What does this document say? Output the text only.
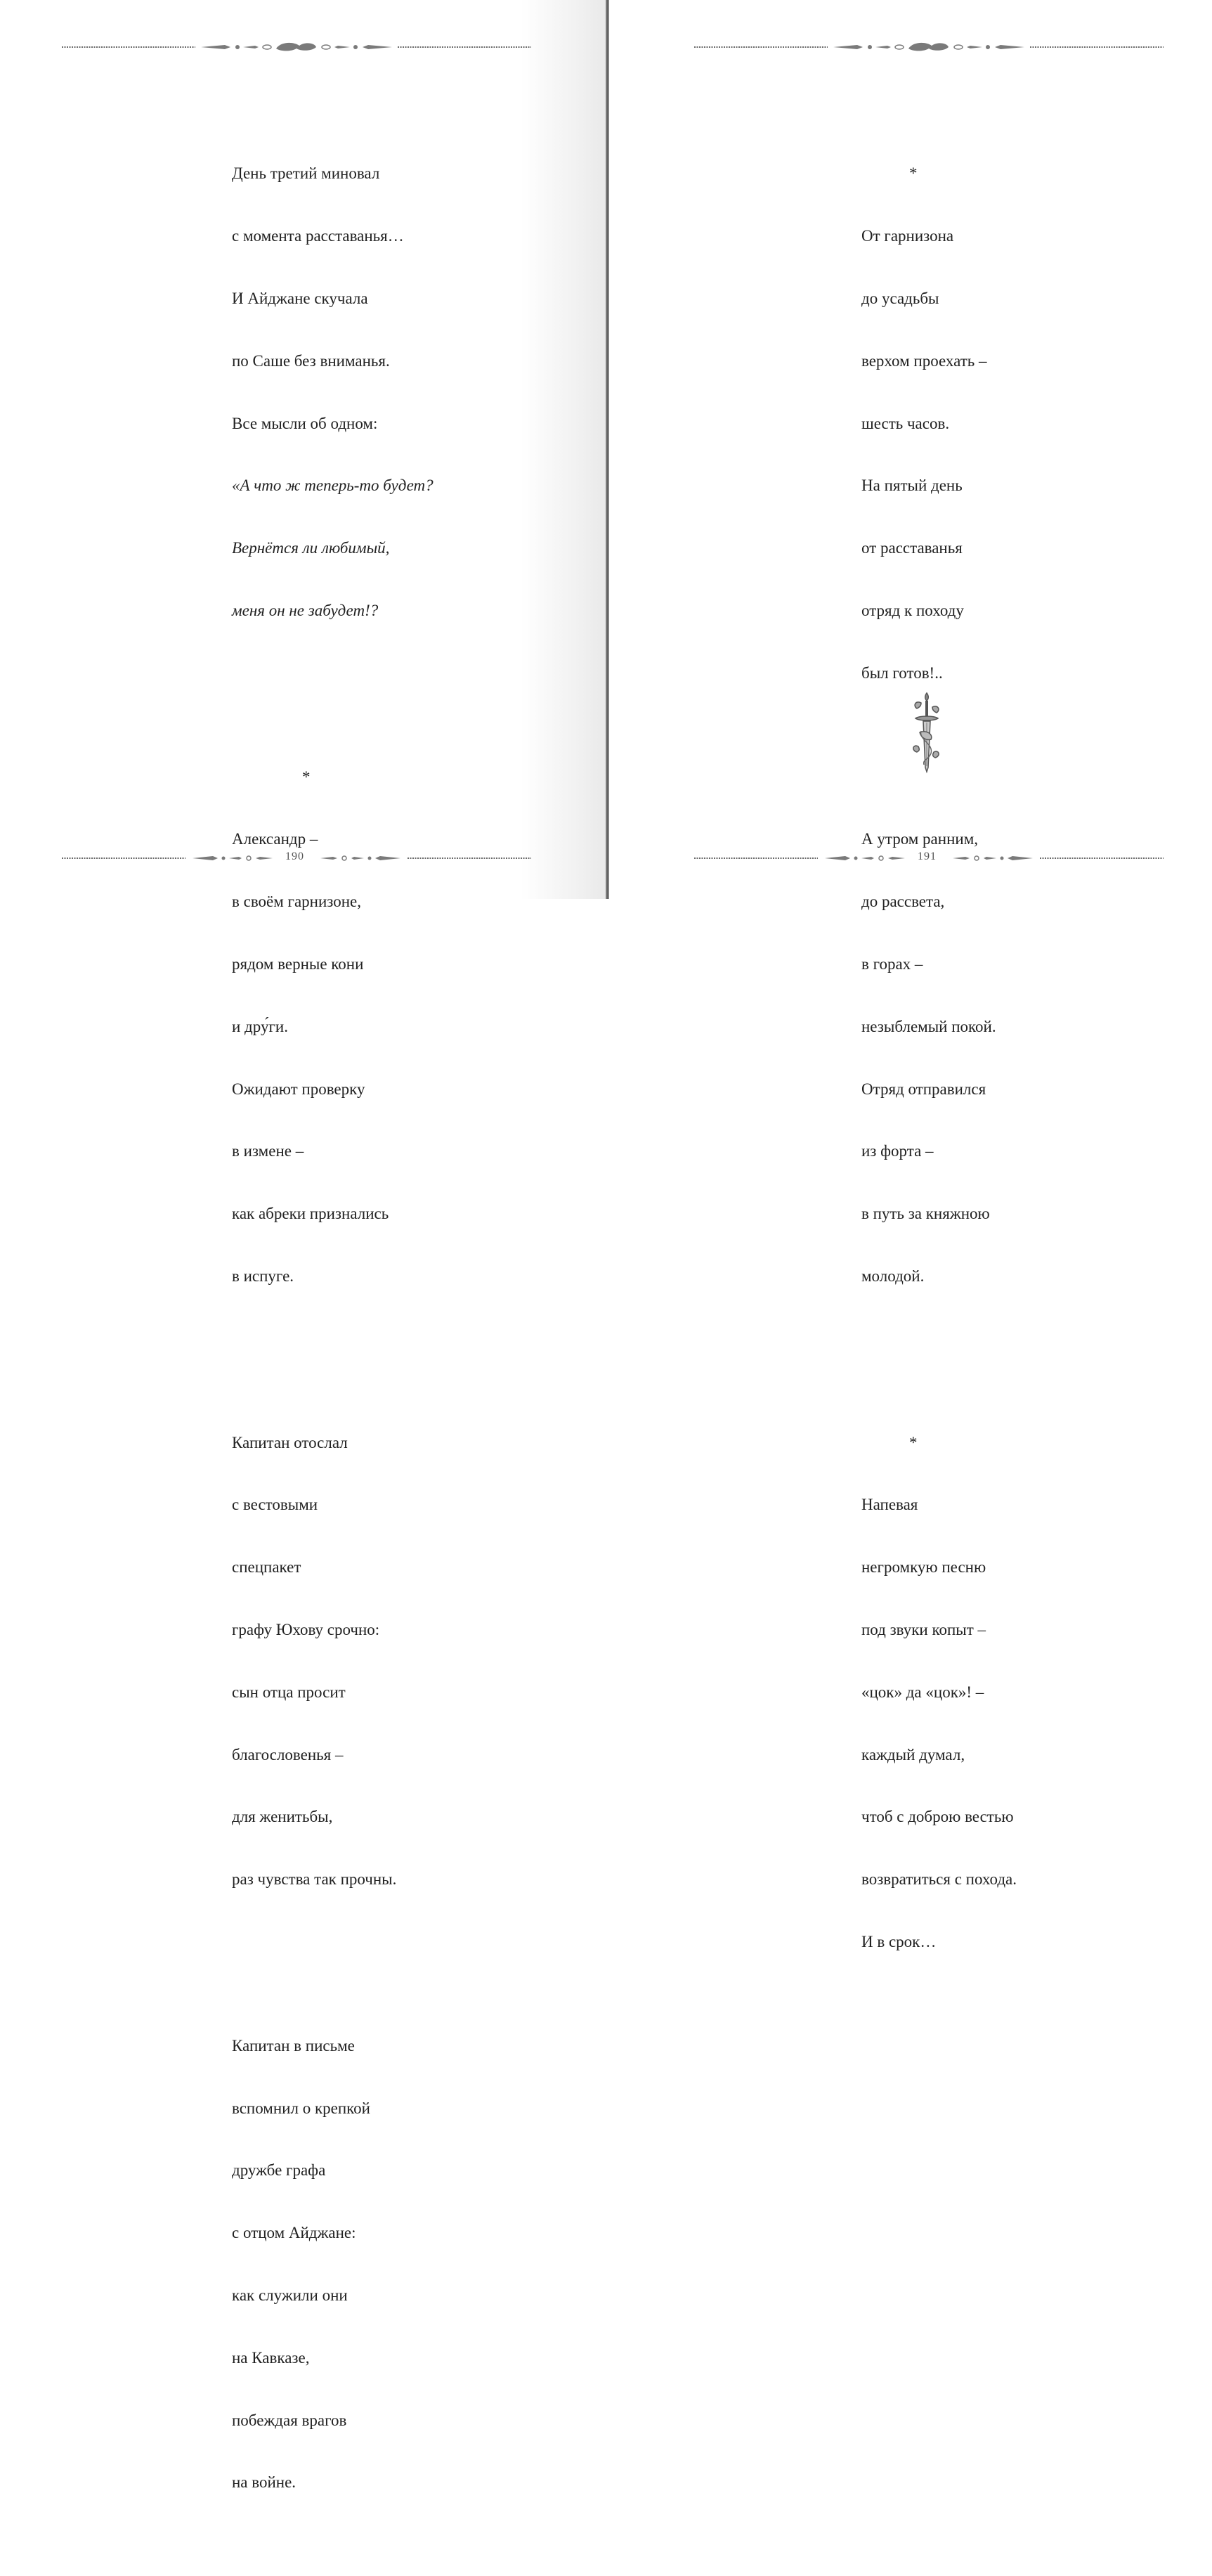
День третий миновал

с момента расставанья…

И Айджане скучала

по Саше без вниманья.

Все мысли об одном:

«А что ж теперь-то будет?

Вернётся ли любимый,

меня он не забудет!?

*

Александр –

в своём гарнизоне,

рядом верные кони

и дру́ги.

Ожидают проверку

в измене –

как абреки признались

в испуге.

Капитан отослал

с вестовыми

спецпакет

графу Юхову срочно:

сын отца просит

благословенья –

для женитьбы,

раз чувства так прочны.

Капитан в письме

вспомнил о крепкой

дружбе графа

с отцом Айджане:

как служили они

на Кавказе,

побеждая врагов

на войне.

190

*

От гарнизона

до усадьбы

верхом проехать –

шесть часов.

На пятый день

от расставанья

отряд к походу

был готов!..

А утром ранним,

до рассвета,

в горах –

незыблемый покой.

Отряд отправился

из форта –

в путь за княжною

молодой.

*

Напевая

негромкую песню

под звуки копыт –

«цок» да «цок»! –

каждый думал,

чтоб с доброю вестью

возвратиться с похода.

И в срок…

191
